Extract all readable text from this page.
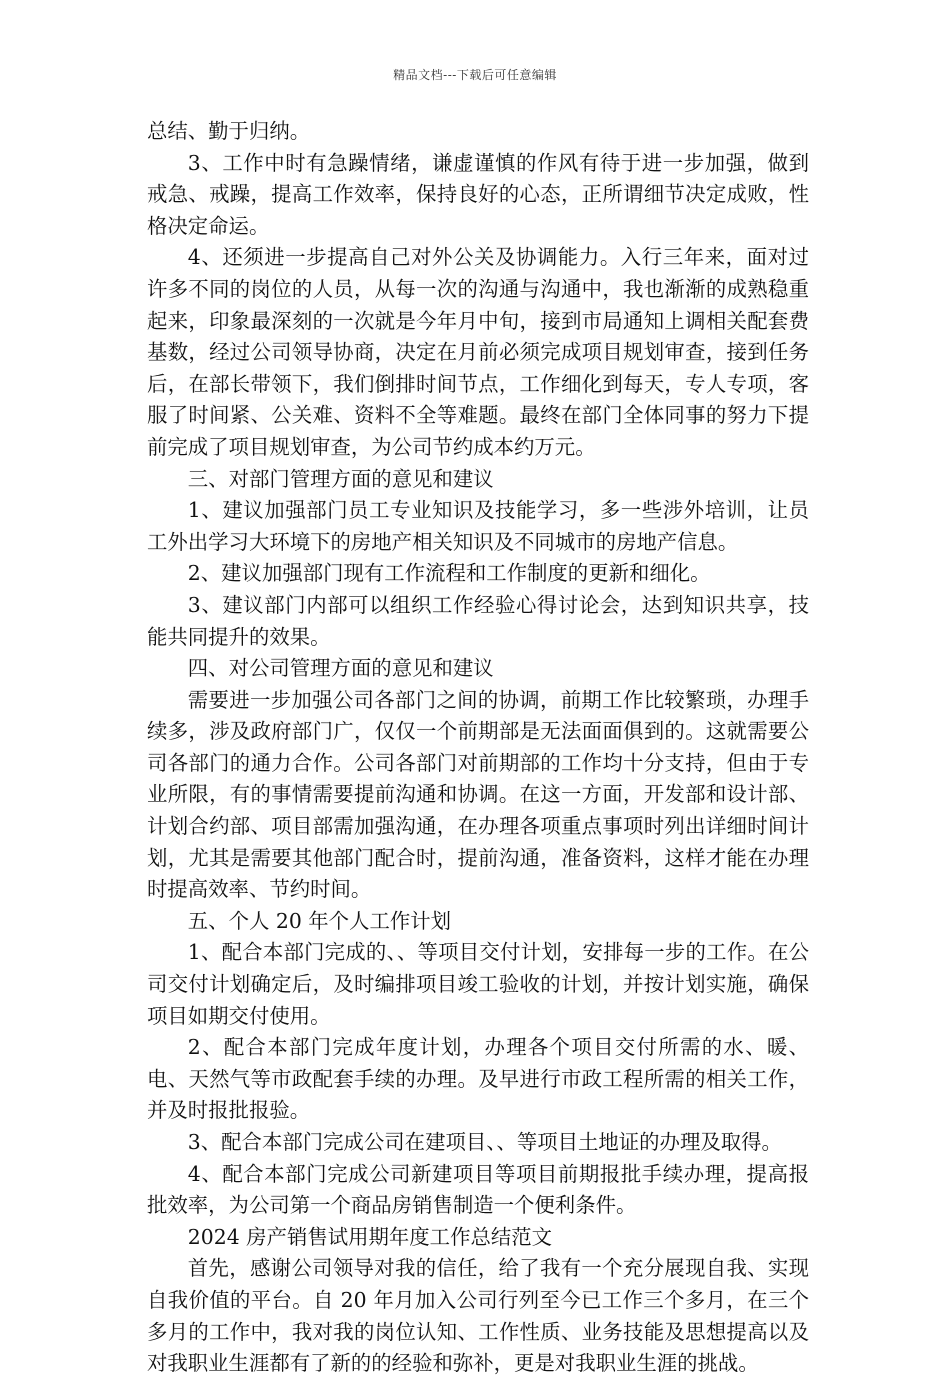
精品文档---下载后可任意编辑

总结、勤于归纳。

3、工作中时有急躁情绪，谦虚谨慎的作风有待于进一步加强，做到戒急、戒躁，提高工作效率，保持良好的心态，正所谓细节决定成败，性格决定命运。

4、还须进一步提高自己对外公关及协调能力。入行三年来，面对过许多不同的岗位的人员，从每一次的沟通与沟通中，我也渐渐的成熟稳重起来，印象最深刻的一次就是今年月中旬，接到市局通知上调相关配套费基数，经过公司领导协商，决定在月前必须完成项目规划审查，接到任务后，在部长带领下，我们倒排时间节点，工作细化到每天，专人专项，客服了时间紧、公关难、资料不全等难题。最终在部门全体同事的努力下提前完成了项目规划审查，为公司节约成本约万元。

三、对部门管理方面的意见和建议

1、建议加强部门员工专业知识及技能学习，多一些涉外培训，让员工外出学习大环境下的房地产相关知识及不同城市的房地产信息。

2、建议加强部门现有工作流程和工作制度的更新和细化。

3、建议部门内部可以组织工作经验心得讨论会，达到知识共享，技能共同提升的效果。

四、对公司管理方面的意见和建议

需要进一步加强公司各部门之间的协调，前期工作比较繁琐，办理手续多，涉及政府部门广，仅仅一个前期部是无法面面俱到的。这就需要公司各部门的通力合作。公司各部门对前期部的工作均十分支持，但由于专业所限，有的事情需要提前沟通和协调。在这一方面，开发部和设计部、计划合约部、项目部需加强沟通，在办理各项重点事项时列出详细时间计划，尤其是需要其他部门配合时，提前沟通，准备资料，这样才能在办理时提高效率、节约时间。

五、个人 20 年个人工作计划

1、配合本部门完成的、、等项目交付计划，安排每一步的工作。在公司交付计划确定后，及时编排项目竣工验收的计划，并按计划实施，确保项目如期交付使用。

2、配合本部门完成年度计划，办理各个项目交付所需的水、暖、电、天然气等市政配套手续的办理。及早进行市政工程所需的相关工作，并及时报批报验。

3、配合本部门完成公司在建项目、、等项目土地证的办理及取得。

4、配合本部门完成公司新建项目等项目前期报批手续办理，提高报批效率，为公司第一个商品房销售制造一个便利条件。

2024 房产销售试用期年度工作总结范文

首先，感谢公司领导对我的信任，给了我有一个充分展现自我、实现自我价值的平台。自 20 年月加入公司行列至今已工作三个多月，在三个多月的工作中，我对我的岗位认知、工作性质、业务技能及思想提高以及对我职业生涯都有了新的的经验和弥补，更是对我职业生涯的挑战。
